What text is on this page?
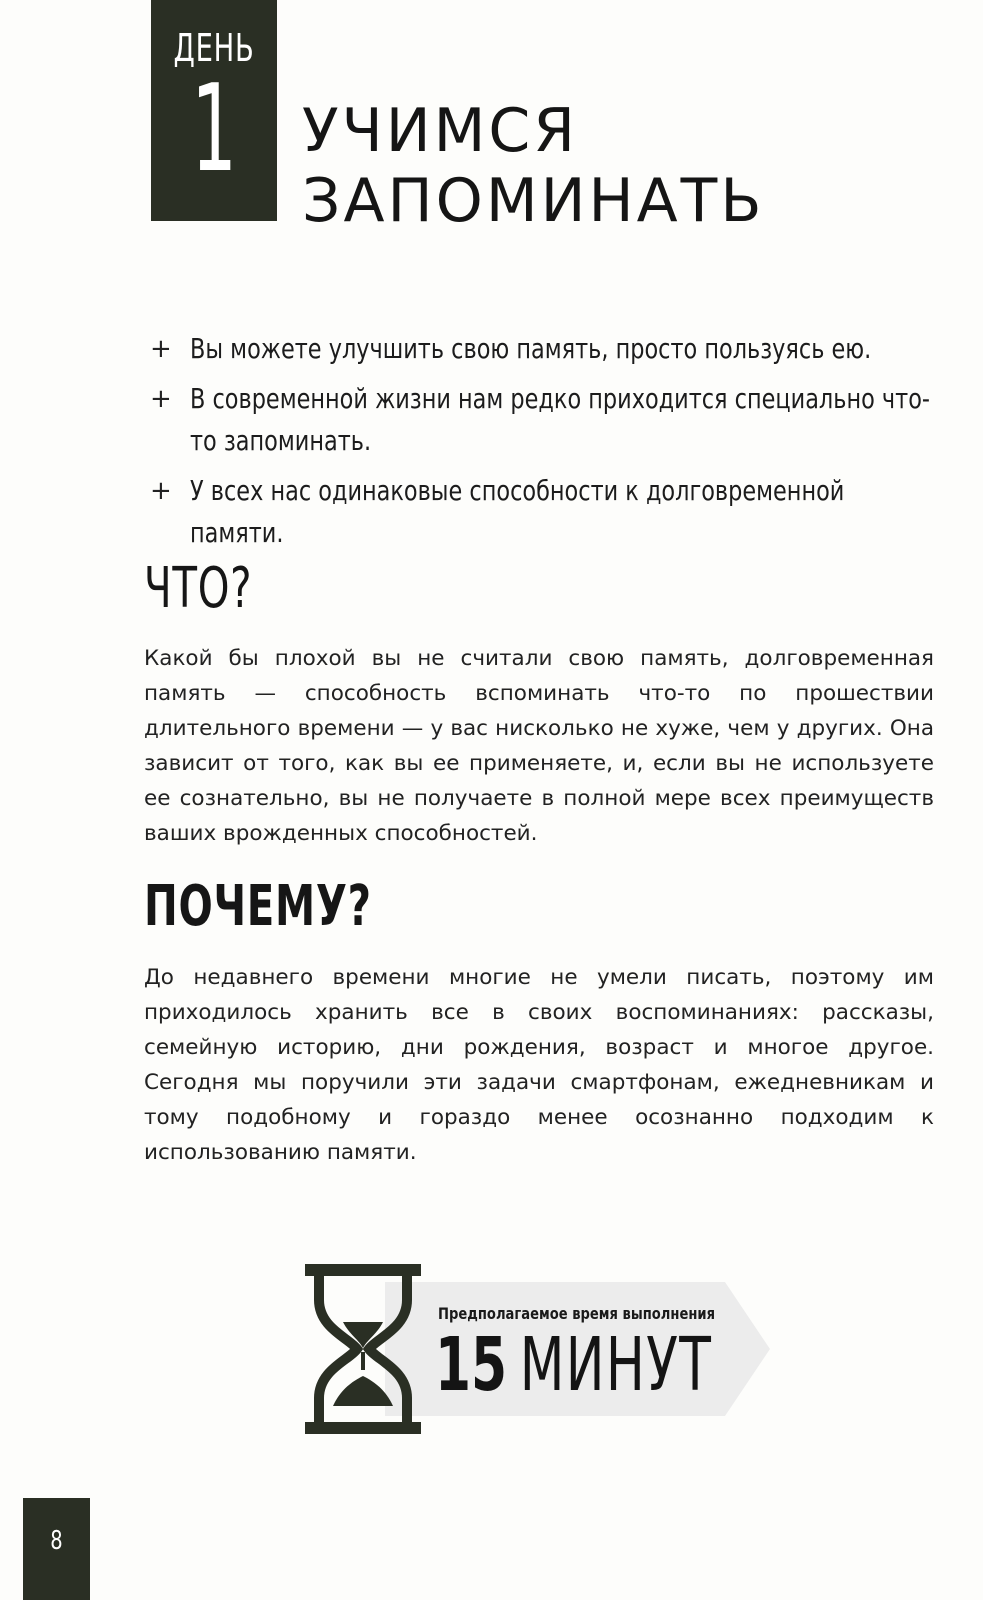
ДЕНЬ
1 УЧИМСЯ
ЗАПОМИНАТЬ
+ Вы можете улучшить свою память, просто пользуясь ею.
+ В современной жизни нам редко приходится специально что-то запоминать.
+ У всех нас одинаковые способности к долговременной памяти.
ЧТО?

Какой бы плохой вы не считали свою память, долговременная память — способность вспоминать что-то по прошествии длительного времени — у вас нисколько не хуже, чем у других. Она зависит от того, как вы ее применяете, и, если вы не используете ее сознательно, вы не получаете в полной мере всех преимуществ ваших врожденных способностей.

ПОЧЕМУ?

До недавнего времени многие не умели писать, поэтому им приходилось хранить все в своих воспоминаниях: рассказы, семейную историю, дни рождения, возраст и многое другое. Сегодня мы поручили эти задачи смартфонам, ежедневникам и тому подобному и гораздо менее осознанно подходим к использованию памяти.

Предполагаемое время выполнения
15 МИНУТ
8
